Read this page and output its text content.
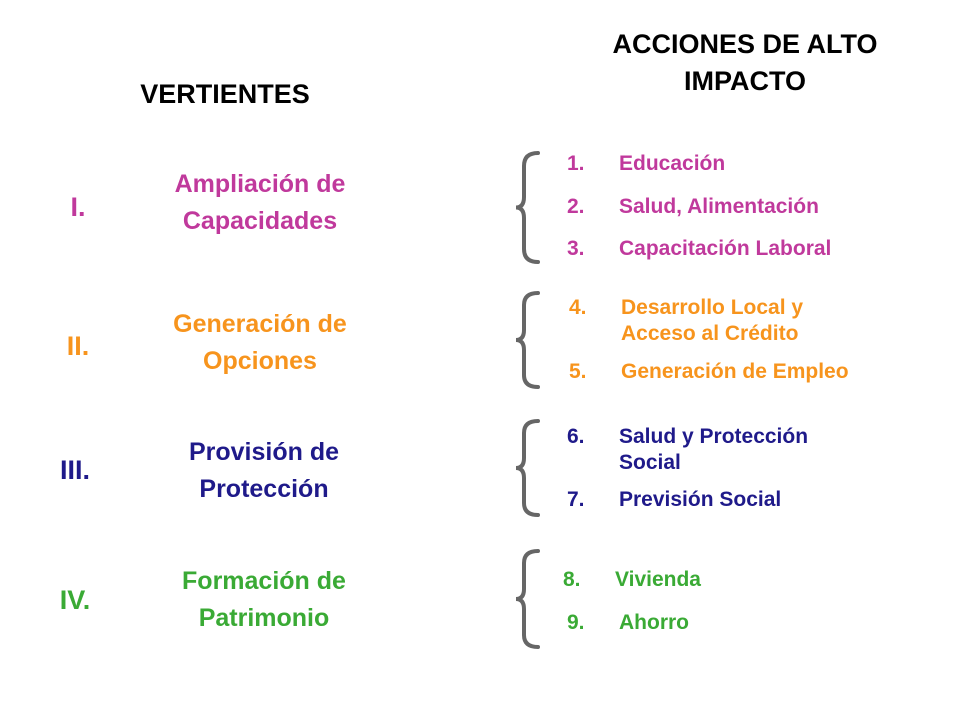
VERTIENTES
ACCIONES DE ALTO
IMPACTO
I.
Ampliación de
Capacidades
1. Educación
2. Salud, Alimentación
3. Capacitación Laboral
II.
Generación de
Opciones
4. Desarrollo Local y
Acceso al Crédito
5. Generación de Empleo
III.
Provisión de
Protección
6. Salud y Protección
Social
7. Previsión Social
IV.
Formación de
Patrimonio
8. Vivienda
9. Ahorro
